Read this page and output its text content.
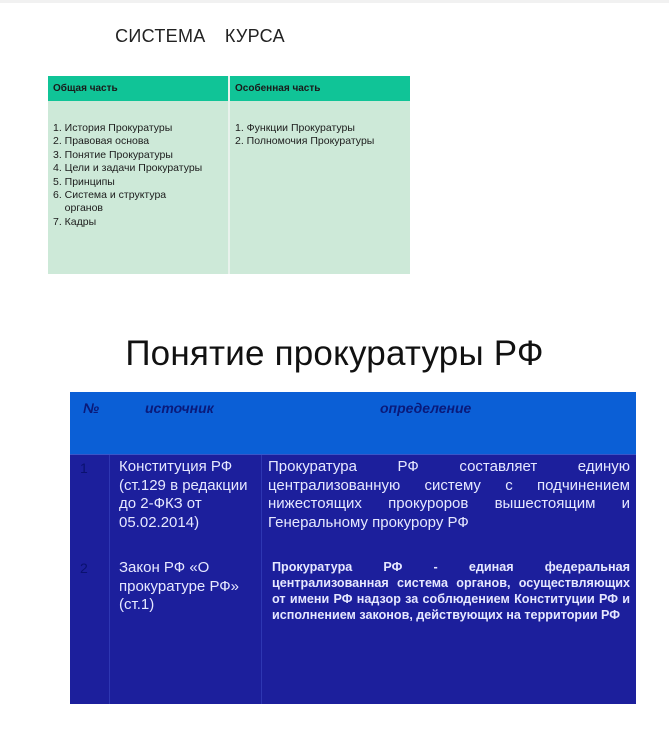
СИСТЕМА КУРСА
Общая часть	Особенная часть
1. История Прокуратуры
2. Правовая основа
3. Понятие Прокуратуры
4. Цели и задачи Прокуратуры
5. Принципы
6. Система и структура
органов
7. Кадры
1. Функции Прокуратуры
2. Полномочия Прокуратуры
Понятие прокуратуры РФ
№	источник	определение
1 Конституция РФ (ст.129 в редакции до 2-ФКЗ от 05.02.2014)
Прокуратура РФ составляет единую централизованную систему с подчинением нижестоящих прокуроров вышестоящим и Генеральному прокурору РФ
2 Закон РФ «О прокуратуре РФ» (ст.1)
Прокуратура РФ - единая федеральная централизованная система органов, осуществляющих от имени РФ надзор за соблюдением Конституции РФ и исполнением законов, действующих на территории РФ
